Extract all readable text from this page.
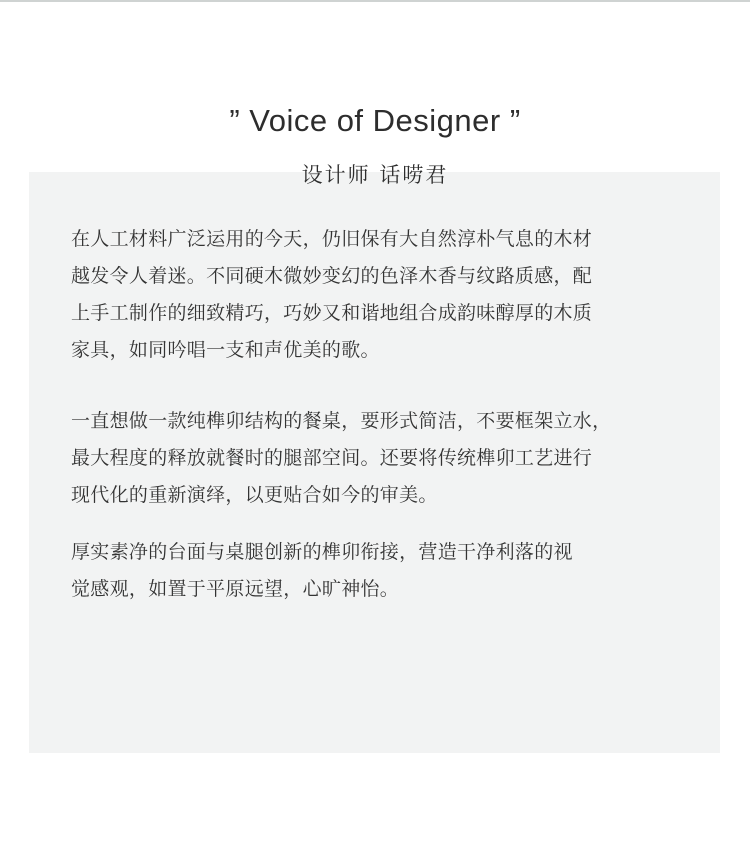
” Voice of Designer ”
设计师 话唠君
在人工材料广泛运用的今天，仍旧保有大自然淳朴气息的木材
越发令人着迷。不同硬木微妙变幻的色泽木香与纹路质感，配
上手工制作的细致精巧，巧妙又和谐地组合成韵味醇厚的木质
家具，如同吟唱一支和声优美的歌。
一直想做一款纯榫卯结构的餐桌，要形式简洁，不要框架立水，
最大程度的释放就餐时的腿部空间。还要将传统榫卯工艺进行
现代化的重新演绎，以更贴合如今的审美。
厚实素净的台面与桌腿创新的榫卯衔接，营造干净利落的视
觉感观，如置于平原远望，心旷神怡。
